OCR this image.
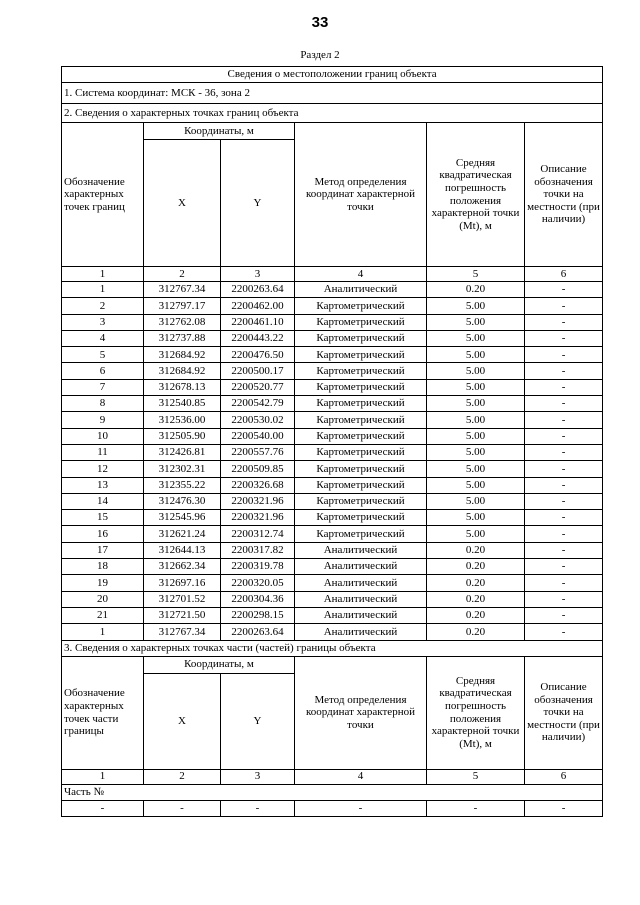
33
Раздел 2
Сведения о местоположении границ объекта					
1. Система координат: МСК - 36, зона 2					
2. Сведения о характерных точках границ объекта					
Обозначение характерных точек границ	Координаты, м		Метод определения координат характерной точки	Средняя квадратическая погрешность положения характерной точки (Mt), м	Описание обозначения точки на местности (при наличии)
	X	Y			
1	2	3	4	5	6
1	312767.34	2200263.64	Аналитический	0.20	-
2	312797.17	2200462.00	Картометрический	5.00	-
3	312762.08	2200461.10	Картометрический	5.00	-
4	312737.88	2200443.22	Картометрический	5.00	-
5	312684.92	2200476.50	Картометрический	5.00	-
6	312684.92	2200500.17	Картометрический	5.00	-
7	312678.13	2200520.77	Картометрический	5.00	-
8	312540.85	2200542.79	Картометрический	5.00	-
9	312536.00	2200530.02	Картометрический	5.00	-
10	312505.90	2200540.00	Картометрический	5.00	-
11	312426.81	2200557.76	Картометрический	5.00	-
12	312302.31	2200509.85	Картометрический	5.00	-
13	312355.22	2200326.68	Картометрический	5.00	-
14	312476.30	2200321.96	Картометрический	5.00	-
15	312545.96	2200321.96	Картометрический	5.00	-
16	312621.24	2200312.74	Картометрический	5.00	-
17	312644.13	2200317.82	Аналитический	0.20	-
18	312662.34	2200319.78	Аналитический	0.20	-
19	312697.16	2200320.05	Аналитический	0.20	-
20	312701.52	2200304.36	Аналитический	0.20	-
21	312721.50	2200298.15	Аналитический	0.20	-
1	312767.34	2200263.64	Аналитический	0.20	-
3. Сведения о характерных точках части (частей) границы объекта					
Обозначение характерных точек части границы	Координаты, м		Метод определения координат характерной точки	Средняя квадратическая погрешность положения характерной точки (Mt), м	Описание обозначения точки на местности (при наличии)
	X	Y			
1	2	3	4	5	6
Часть №					
-	-	-	-	-	-
